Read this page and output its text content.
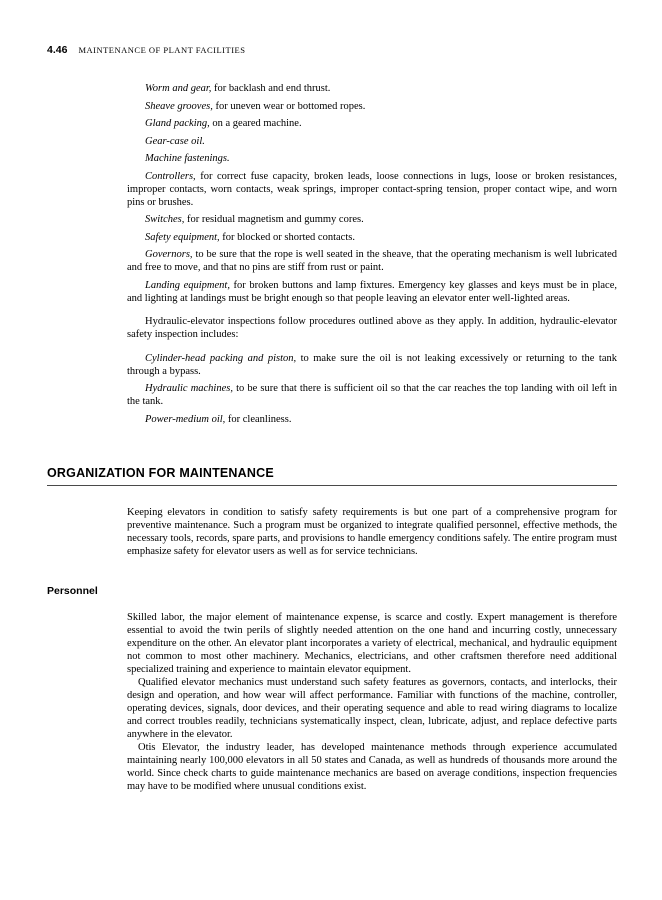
4.46 MAINTENANCE OF PLANT FACILITIES

Worm and gear, for backlash and end thrust.

Sheave grooves, for uneven wear or bottomed ropes.

Gland packing, on a geared machine.

Gear-case oil.

Machine fastenings.

Controllers, for correct fuse capacity, broken leads, loose connections in lugs, loose or broken resistances, improper contacts, worn contacts, weak springs, improper contact-spring tension, proper contact wipe, and worn pins or brushes.

Switches, for residual magnetism and gummy cores.

Safety equipment, for blocked or shorted contacts.

Governors, to be sure that the rope is well seated in the sheave, that the operating mechanism is well lubricated and free to move, and that no pins are stiff from rust or paint.

Landing equipment, for broken buttons and lamp fixtures. Emergency key glasses and keys must be in place, and lighting at landings must be bright enough so that people leaving an elevator enter well-lighted areas.

Hydraulic-elevator inspections follow procedures outlined above as they apply. In addition, hydraulic-elevator safety inspection includes:

Cylinder-head packing and piston, to make sure the oil is not leaking excessively or returning to the tank through a bypass.

Hydraulic machines, to be sure that there is sufficient oil so that the car reaches the top landing with oil left in the tank.

Power-medium oil, for cleanliness.

ORGANIZATION FOR MAINTENANCE

Keeping elevators in condition to satisfy safety requirements is but one part of a comprehensive program for preventive maintenance. Such a program must be organized to integrate qualified personnel, effective methods, the necessary tools, records, spare parts, and provisions to handle emergency conditions safely. The entire program must emphasize safety for elevator users as well as for service technicians.

Personnel

Skilled labor, the major element of maintenance expense, is scarce and costly. Expert management is therefore essential to avoid the twin perils of slightly needed attention on the one hand and incurring costly, unnecessary expenditure on the other. An elevator plant incorporates a variety of electrical, mechanical, and hydraulic equipment not common to most other machinery. Mechanics, electricians, and other craftsmen therefore need additional specialized training and experience to maintain elevator equipment.

Qualified elevator mechanics must understand such safety features as governors, contacts, and interlocks, their design and operation, and how wear will affect performance. Familiar with functions of the machine, controller, operating devices, signals, door devices, and their operating sequence and able to read wiring diagrams to localize and correct troubles readily, technicians systematically inspect, clean, lubricate, adjust, and replace defective parts anywhere in the elevator.

Otis Elevator, the industry leader, has developed maintenance methods through experience accumulated maintaining nearly 100,000 elevators in all 50 states and Canada, as well as hundreds of thousands more around the world. Since check charts to guide maintenance mechanics are based on average conditions, inspection frequencies may have to be modified where unusual conditions exist.
